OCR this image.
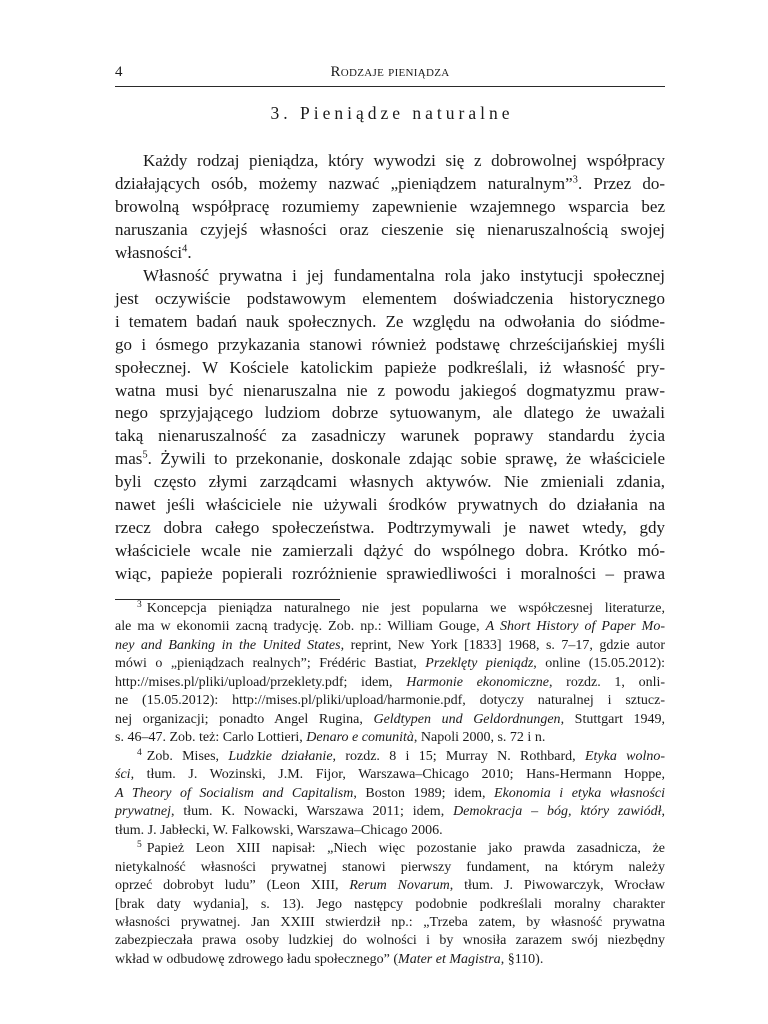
4	Rodzaje pieniądza
3. Pieniądze naturalne
Każdy rodzaj pieniądza, który wywodzi się z dobrowolnej współpracy
działających osób, możemy nazwać „pieniądzem naturalnym”$^3$. Przez do-
browolną współpracę rozumiemy zapewnienie wzajemnego wsparcia bez
naruszania czyjejś własności oraz cieszenie się nienaruszalnością swojej
własności$^4$.
Własność prywatna i jej fundamentalna rola jako instytucji społecznej
jest oczywiście podstawowym elementem doświadczenia historycznego
i tematem badań nauk społecznych. Ze względu na odwołania do siódme-
go i ósmego przykazania stanowi również podstawę chrześcijańskiej myśli
społecznej. W Kościele katolickim papieże podkreślali, iż własność pry-
watna musi być nienaruszalna nie z powodu jakiegoś dogmatyzmu praw-
nego sprzyjającego ludziom dobrze sytuowanym, ale dlatego że uważali
taką nienaruszalność za zasadniczy warunek poprawy standardu życia
mas$^5$. Żywili to przekonanie, doskonale zdając sobie sprawę, że właściciele
byli często złymi zarządcami własnych aktywów. Nie zmieniali zdania,
nawet jeśli właściciele nie używali środków prywatnych do działania na
rzecz dobra całego społeczeństwa. Podtrzymywali je nawet wtedy, gdy
właściciele wcale nie zamierzali dążyć do wspólnego dobra. Krótko mó-
wiąc, papieże popierali rozróżnienie sprawiedliwości i moralności – prawa
$^3$ Koncepcja pieniądza naturalnego nie jest popularna we współczesnej literaturze,
ale ma w ekonomii zacną tradycję. Zob. np.: William Gouge, A Short History of Paper Mo-
ney and Banking in the United States, reprint, New York [1833] 1968, s. 7–17, gdzie autor
mówi o „pieniądzach realnych”; Frédéric Bastiat, Przeklęty pieniądz, online (15.05.2012):
http://mises.pl/pliki/upload/przeklety.pdf; idem, Harmonie ekonomiczne, rozdz. 1, onli-
ne (15.05.2012): http://mises.pl/pliki/upload/harmonie.pdf, dotyczy naturalnej i sztucz-
nej organizacji; ponadto Angel Rugina, Geldtypen und Geldordnungen, Stuttgart 1949,
s. 46–47. Zob. też: Carlo Lottieri, Denaro e comunità, Napoli 2000, s. 72 i n.
$^4$ Zob. Mises, Ludzkie działanie, rozdz. 8 i 15; Murray N. Rothbard, Etyka wolno-
ści, tłum. J. Wozinski, J.M. Fijor, Warszawa–Chicago 2010; Hans-Hermann Hoppe,
A Theory of Socialism and Capitalism, Boston 1989; idem, Ekonomia i etyka własności
prywatnej, tłum. K. Nowacki, Warszawa 2011; idem, Demokracja – bóg, który zawiódł,
tłum. J. Jabłecki, W. Falkowski, Warszawa–Chicago 2006.
$^5$ Papież Leon XIII napisał: „Niech więc pozostanie jako prawda zasadnicza, że
nietykalność własności prywatnej stanowi pierwszy fundament, na którym należy
oprzeć dobrobyt ludu” (Leon XIII, Rerum Novarum, tłum. J. Piwowarczyk, Wrocław
[brak daty wydania], s. 13). Jego następcy podobnie podkreślali moralny charakter
własności prywatnej. Jan XXIII stwierdził np.: „Trzeba zatem, by własność prywatna
zabezpieczała prawa osoby ludzkiej do wolności i by wnosiła zarazem swój niezbędny
wkład w odbudowę zdrowego ładu społecznego” (Mater et Magistra, §110).
